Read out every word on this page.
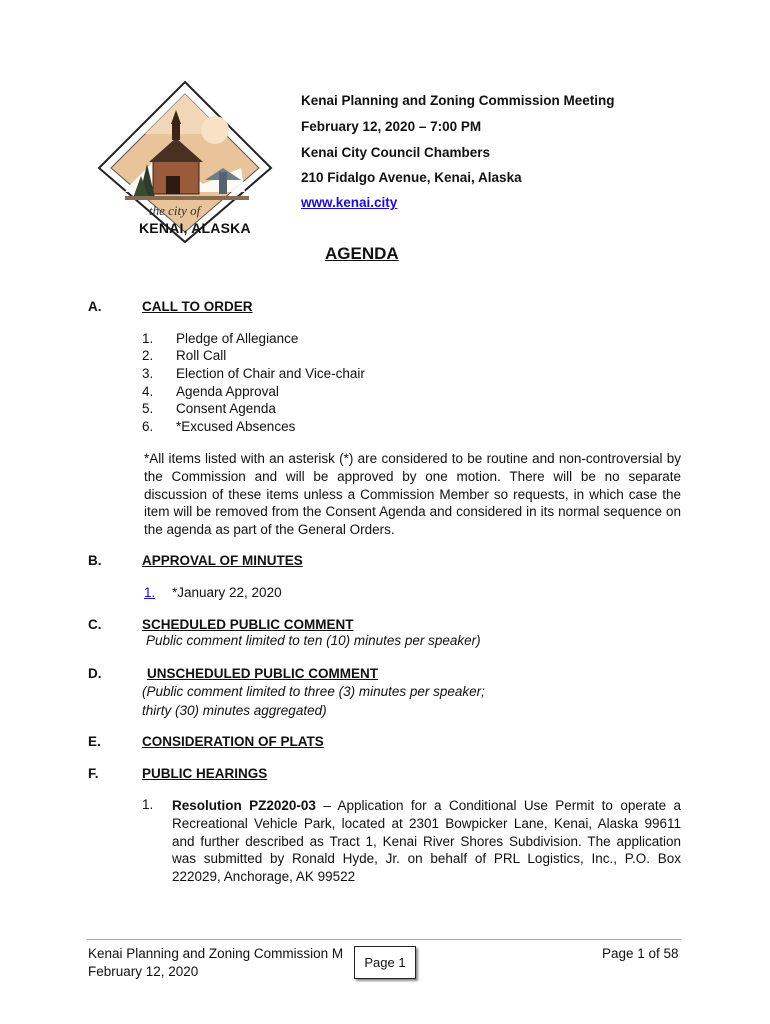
the city of
KENAI, ALASKA
Kenai Planning and Zoning Commission Meeting
February 12, 2020 – 7:00 PM
Kenai City Council Chambers
210 Fidalgo Avenue, Kenai, Alaska
www.kenai.city
AGENDA
A.	CALL TO ORDER
1. Pledge of Allegiance
2. Roll Call
3. Election of Chair and Vice-chair
4. Agenda Approval
5. Consent Agenda
6. *Excused Absences
*All items listed with an asterisk (*) are considered to be routine and non-controversial by the Commission and will be approved by one motion. There will be no separate discussion of these items unless a Commission Member so requests, in which case the item will be removed from the Consent Agenda and considered in its normal sequence on the agenda as part of the General Orders.
B.	APPROVAL OF MINUTES
1. *January 22, 2020
C.	SCHEDULED PUBLIC COMMENT
Public comment limited to ten (10) minutes per speaker)
D.	UNSCHEDULED PUBLIC COMMENT
(Public comment limited to three (3) minutes per speaker;
thirty (30) minutes aggregated)
E.	CONSIDERATION OF PLATS
F.	PUBLIC HEARINGS
1. Resolution PZ2020-03 – Application for a Conditional Use Permit to operate a Recreational Vehicle Park, located at 2301 Bowpicker Lane, Kenai, Alaska 99611 and further described as Tract 1, Kenai River Shores Subdivision. The application was submitted by Ronald Hyde, Jr. on behalf of PRL Logistics, Inc., P.O. Box 222029, Anchorage, AK 99522
Kenai Planning and Zoning Commission M
February 12, 2020
Page 1 of 58
Page 1
